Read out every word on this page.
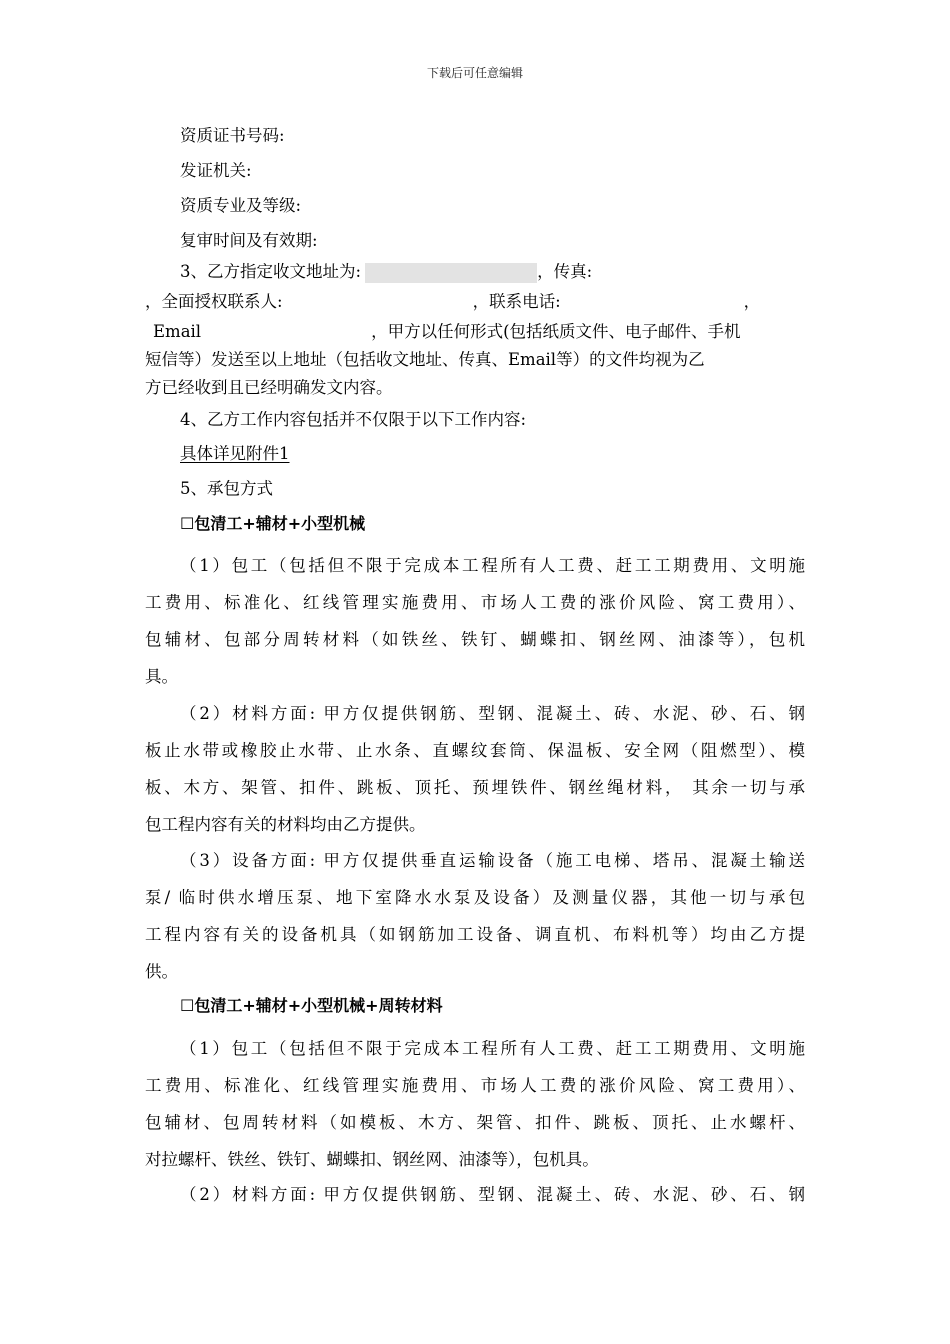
下载后可任意编辑
资质证书号码:
发证机关:
资质专业及等级:
复审时间及有效期:
3、乙方指定收文地址为:	，传真:
，全面授权联系人:	，联系电话:	，
Email	，甲方以任何形式(包括纸质文件、电子邮件、手机
短信等）发送至以上地址（包括收文地址、传真、Email等）的文件均视为乙
方已经收到且已经明确发文内容。
4、乙方工作内容包括并不仅限于以下工作内容:
具体详见附件1
5、承包方式
☐包清工+辅材+小型机械
（1）包工（包括但不限于完成本工程所有人工费、赶工工期费用、文明施
工费用、标准化、红线管理实施费用、市场人工费的涨价风险、窝工费用）、
包辅材、包部分周转材料（如铁丝、铁钉、蝴蝶扣、钢丝网、油漆等），包机
具。
（2）材料方面: 甲方仅提供钢筋、型钢、混凝土、砖、水泥、砂、石、钢
板止水带或橡胶止水带、止水条、直螺纹套筒、保温板、安全网（阻燃型）、模
板、木方、架管、扣件、跳板、顶托、预埋铁件、钢丝绳材料， 其余一切与承
包工程内容有关的材料均由乙方提供。
（3）设备方面: 甲方仅提供垂直运输设备（施工电梯、塔吊、混凝土输送
泵/ 临时供水增压泵、地下室降水水泵及设备）及测量仪器，其他一切与承包
工程内容有关的设备机具（如钢筋加工设备、调直机、布料机等）均由乙方提
供。
☐包清工+辅材+小型机械+周转材料
（1）包工（包括但不限于完成本工程所有人工费、赶工工期费用、文明施
工费用、标准化、红线管理实施费用、市场人工费的涨价风险、窝工费用）、
包辅材、包周转材料（如模板、木方、架管、扣件、跳板、顶托、止水螺杆、
对拉螺杆、铁丝、铁钉、蝴蝶扣、钢丝网、油漆等），包机具。
（2）材料方面: 甲方仅提供钢筋、型钢、混凝土、砖、水泥、砂、石、钢
